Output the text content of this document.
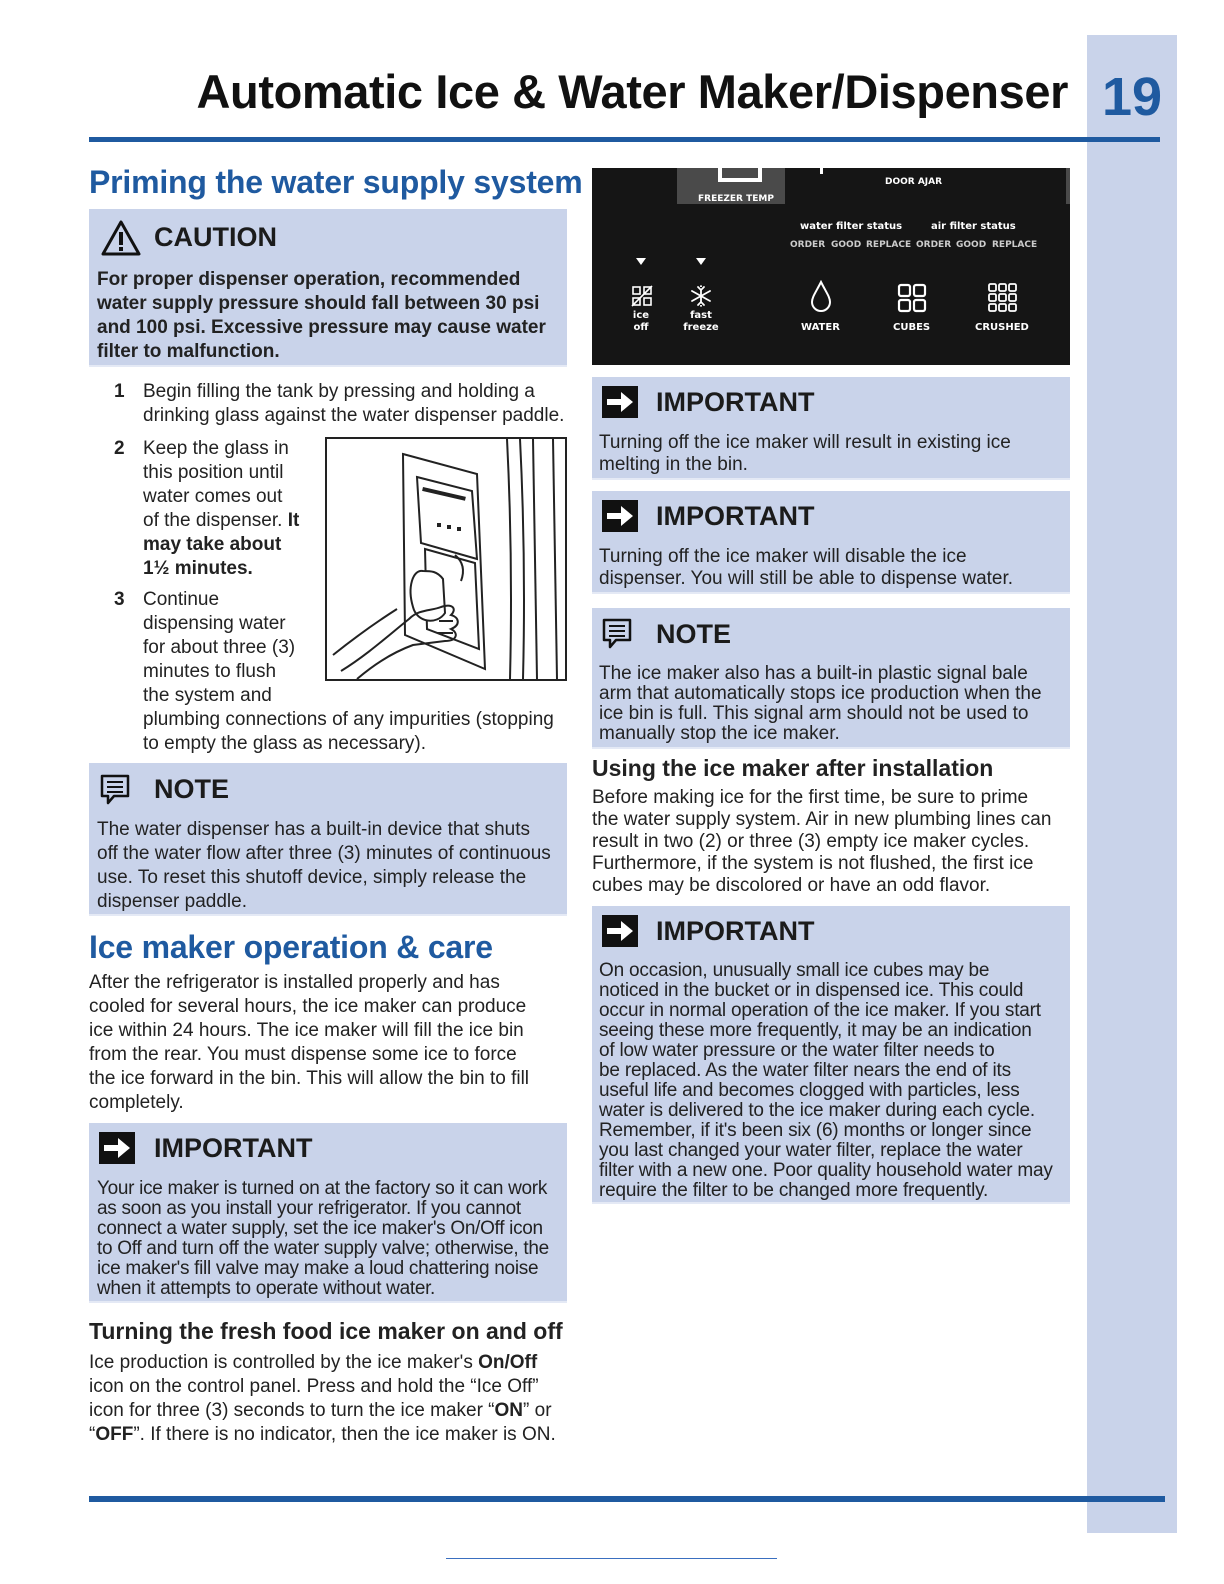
19
Automatic Ice & Water Maker/Dispenser
Priming the water supply system
CAUTION
For proper dispenser operation, recommended
water supply pressure should fall between 30 psi
and 100 psi. Excessive pressure may cause water
filter to malfunction.
1 Begin filling the tank by pressing and holding a
drinking glass against the water dispenser paddle.
2 Keep the glass in
this position until
water comes out
of the dispenser. It
may take about
1½ minutes.
3 Continue
dispensing water
for about three (3)
minutes to flush
the system and
plumbing connections of any impurities (stopping
to empty the glass as necessary).
NOTE
The water dispenser has a built-in device that shuts
off the water flow after three (3) minutes of continuous
use. To reset this shutoff device, simply release the
dispenser paddle.
Ice maker operation & care
After the refrigerator is installed properly and has
cooled for several hours, the ice maker can produce
ice within 24 hours. The ice maker will fill the ice bin
from the rear. You must dispense some ice to force
the ice forward in the bin. This will allow the bin to fill
completely.
IMPORTANT
Your ice maker is turned on at the factory so it can work
as soon as you install your refrigerator. If you cannot
connect a water supply, set the ice maker's On/Off icon
to Off and turn off the water supply valve; otherwise, the
ice maker's fill valve may make a loud chattering noise
when it attempts to operate without water.
Turning the fresh food ice maker on and off
Ice production is controlled by the ice maker's On/Off
icon on the control panel. Press and hold the “Ice Off”
icon for three (3) seconds to turn the ice maker “ON” or
“OFF”. If there is no indicator, then the ice maker is ON.
FREEZER TEMP
DOOR AJAR
water filter status	air filter status
ORDER GOOD REPLACE ORDER GOOD REPLACE
ice
off
fast
freeze	WATER	CUBES	CRUSHED
IMPORTANT
Turning off the ice maker will result in existing ice
melting in the bin.
IMPORTANT
Turning off the ice maker will disable the ice
dispenser. You will still be able to dispense water.
NOTE
The ice maker also has a built-in plastic signal bale
arm that automatically stops ice production when the
ice bin is full. This signal arm should not be used to
manually stop the ice maker.
Using the ice maker after installation
Before making ice for the first time, be sure to prime
the water supply system. Air in new plumbing lines can
result in two (2) or three (3) empty ice maker cycles.
Furthermore, if the system is not flushed, the first ice
cubes may be discolored or have an odd flavor.
IMPORTANT
On occasion, unusually small ice cubes may be
noticed in the bucket or in dispensed ice. This could
occur in normal operation of the ice maker. If you start
seeing these more frequently, it may be an indication
of low water pressure or the water filter needs to
be replaced. As the water filter nears the end of its
useful life and becomes clogged with particles, less
water is delivered to the ice maker during each cycle.
Remember, if it's been six (6) months or longer since
you last changed your water filter, replace the water
filter with a new one. Poor quality household water may
require the filter to be changed more frequently.
